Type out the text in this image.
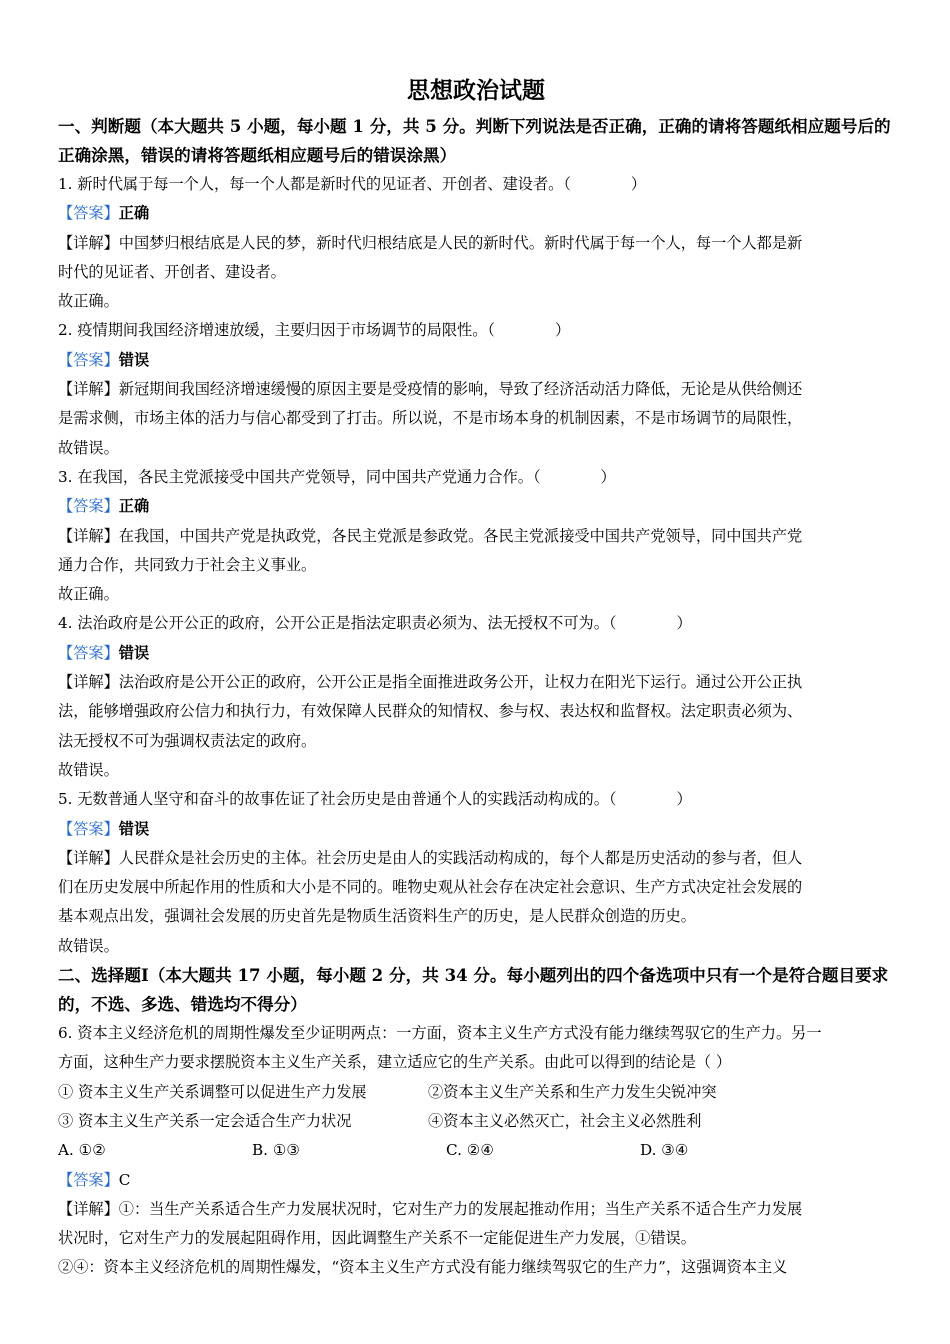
思想政治试题

一、判断题（本大题共 5 小题，每小题 1 分，共 5 分。判断下列说法是否正确，正确的请将答题纸相应题号后的正确涂黑，错误的请将答题纸相应题号后的错误涂黑）

1. 新时代属于每一个人，每一个人都是新时代的见证者、开创者、建设者。（	）

【答案】正确

【详解】中国梦归根结底是人民的梦，新时代归根结底是人民的新时代。新时代属于每一个人，每一个人都是新

时代的见证者、开创者、建设者。

故正确。

2. 疫情期间我国经济增速放缓，主要归因于市场调节的局限性。（	）

【答案】错误

【详解】新冠期间我国经济增速缓慢的原因主要是受疫情的影响，导致了经济活动活力降低，无论是从供给侧还

是需求侧，市场主体的活力与信心都受到了打击。所以说，不是市场本身的机制因素，不是市场调节的局限性，

故错误。

3. 在我国，各民主党派接受中国共产党领导，同中国共产党通力合作。（	）

【答案】正确

【详解】在我国，中国共产党是执政党，各民主党派是参政党。各民主党派接受中国共产党领导，同中国共产党

通力合作，共同致力于社会主义事业。

故正确。

4. 法治政府是公开公正的政府，公开公正是指法定职责必须为、法无授权不可为。（	）

【答案】错误

【详解】法治政府是公开公正的政府，公开公正是指全面推进政务公开，让权力在阳光下运行。通过公开公正执

法，能够增强政府公信力和执行力，有效保障人民群众的知情权、参与权、表达权和监督权。法定职责必须为、

法无授权不可为强调权责法定的政府。

故错误。

5. 无数普通人坚守和奋斗的故事佐证了社会历史是由普通个人的实践活动构成的。（	）

【答案】错误

【详解】人民群众是社会历史的主体。社会历史是由人的实践活动构成的，每个人都是历史活动的参与者，但人

们在历史发展中所起作用的性质和大小是不同的。唯物史观从社会存在决定社会意识、生产方式决定社会发展的

基本观点出发，强调社会发展的历史首先是物质生活资料生产的历史，是人民群众创造的历史。

故错误。

二、选择题Ⅰ（本大题共 17 小题，每小题 2 分，共 34 分。每小题列出的四个备选项中只有一个是符合题目要求的，不选、多选、错选均不得分）

6. 资本主义经济危机的周期性爆发至少证明两点：一方面，资本主义生产方式没有能力继续驾驭它的生产力。另一

方面，这种生产力要求摆脱资本主义生产关系，建立适应它的生产关系。由此可以得到的结论是（ ）

① 资本主义生产关系调整可以促进生产力发展	②资本主义生产关系和生产力发生尖锐冲突
③ 资本主义生产关系一定会适合生产力状况	④资本主义必然灭亡，社会主义必然胜利
A. ①②	B. ①③	C. ②④	D. ③④

【答案】C

【详解】①：当生产关系适合生产力发展状况时，它对生产力的发展起推动作用；当生产关系不适合生产力发展

状况时，它对生产力的发展起阻碍作用，因此调整生产关系不一定能促进生产力发展，①错误。

②④：资本主义经济危机的周期性爆发，“资本主义生产方式没有能力继续驾驭它的生产力”，这强调资本主义
